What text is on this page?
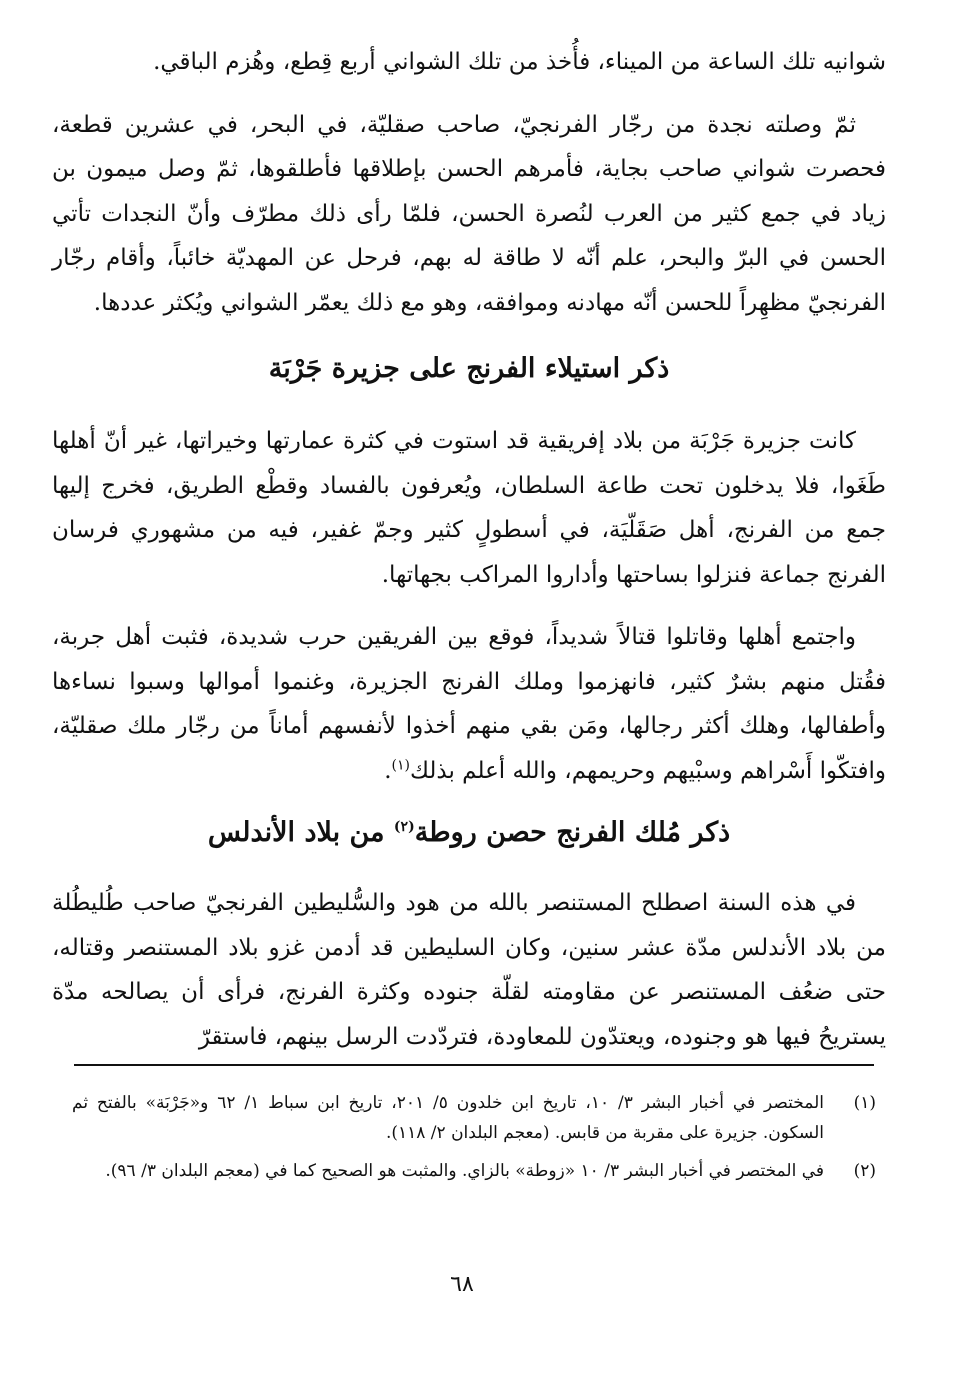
شوانيه تلك الساعة من الميناء، فأُخذ من تلك الشواني أربع قِطع، وهُزم الباقي.

ثمّ وصلته نجدة من رجّار الفرنجيّ، صاحب صقليّة، في البحر، في عشرين قطعة، فحصرت شواني صاحب بجاية، فأمرهم الحسن بإطلاقها فأطلقوها، ثمّ وصل ميمون بن زياد في جمع كثير من العرب لنُصرة الحسن، فلمّا رأى ذلك مطرّف وأنّ النجدات تأتي الحسن في البرّ والبحر، علم أنّه لا طاقة له بهم، فرحل عن المهديّة خائباً، وأقام رجّار الفرنجيّ مظهِراً للحسن أنّه مهادنه وموافقه، وهو مع ذلك يعمّر الشواني ويُكثر عددها.

ذكر استيلاء الفرنج على جزيرة جَرْبَة

كانت جزيرة جَرْبَة من بلاد إفريقية قد استوت في كثرة عمارتها وخيراتها، غير أنّ أهلها طَغَوا، فلا يدخلون تحت طاعة السلطان، ويُعرفون بالفساد وقطْع الطريق، فخرج إليها جمع من الفرنج، أهل صَقَلّيَة، في أسطولٍ كثير وجمّ غفير، فيه من مشهوري فرسان الفرنج جماعة فنزلوا بساحتها وأداروا المراكب بجهاتها.

واجتمع أهلها وقاتلوا قتالاً شديداً، فوقع بين الفريقين حرب شديدة، فثبت أهل جربة، فقُتل منهم بشرٌ كثير، فانهزموا وملك الفرنج الجزيرة، وغنموا أموالها وسبوا نساءها وأطفالها، وهلك أكثر رجالها، ومَن بقي منهم أخذوا لأنفسهم أماناً من رجّار ملك صقليّة، وافتكّوا أَسْراهم وسبْيهم وحريمهم، والله أعلم بذلك$^{(١)}$.

ذكر مُلك الفرنج حصن روطة$^{(٢)}$ من بلاد الأندلس

في هذه السنة اصطلح المستنصر بالله من هود والسُّليطين الفرنجيّ صاحب طُليطُلة من بلاد الأندلس مدّة عشر سنين، وكان السليطين قد أدمن غزو بلاد المستنصر وقتاله، حتى ضعُف المستنصر عن مقاومته لقلّة جنوده وكثرة الفرنج، فرأى أن يصالحه مدّة يستريحُ فيها هو وجنوده، ويعتدّون للمعاودة، فتردّدت الرسل بينهم، فاستقرّ

(١)
المختصر في أخبار البشر ٣/ ١٠، تاريخ ابن خلدون ٥/ ٢٠١، تاريخ ابن سباط ١/ ٦٢ و«جَرْبَة» بالفتح ثم السكون. جزيرة على مقربة من قابس. (معجم البلدان ٢/ ١١٨).
(٢)
في المختصر في أخبار البشر ٣/ ١٠ «زوطة» بالزاي. والمثبت هو الصحيح كما في (معجم البلدان ٣/ ٩٦).
٦٨
